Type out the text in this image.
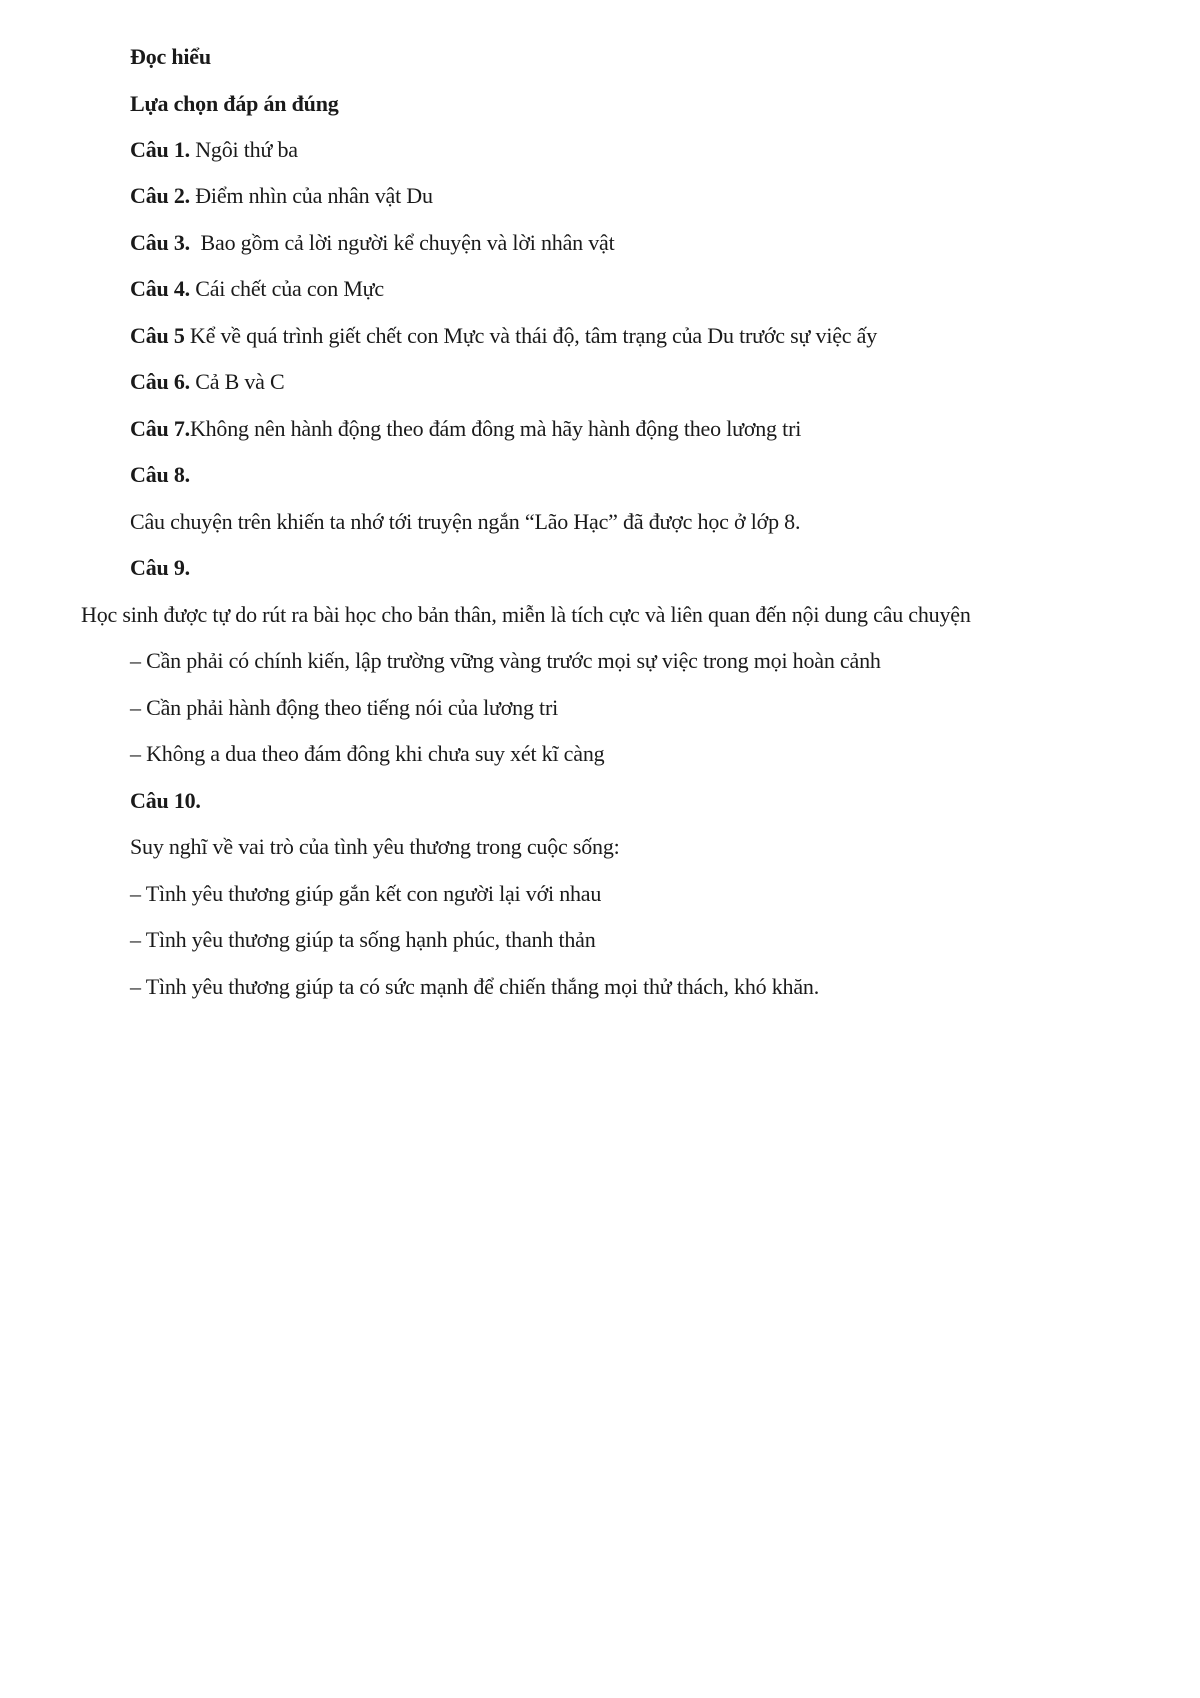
Đọc hiểu
Lựa chọn đáp án đúng
Câu 1. Ngôi thứ ba
Câu 2. Điểm nhìn của nhân vật Du
Câu 3.  Bao gồm cả lời người kể chuyện và lời nhân vật
Câu 4. Cái chết của con Mực
Câu 5 Kể về quá trình giết chết con Mực và thái độ, tâm trạng của Du trước sự việc ấy
Câu 6. Cả B và C
Câu 7.Không nên hành động theo đám đông mà hãy hành động theo lương tri
Câu 8.
Câu chuyện trên khiến ta nhớ tới truyện ngắn “Lão Hạc” đã được học ở lớp 8.
Câu 9.
Học sinh được tự do rút ra bài học cho bản thân, miễn là tích cực và liên quan đến nội dung câu chuyện
– Cần phải có chính kiến, lập trường vững vàng trước mọi sự việc trong mọi hoàn cảnh
– Cần phải hành động theo tiếng nói của lương tri
– Không a dua theo đám đông khi chưa suy xét kĩ càng
Câu 10.
Suy nghĩ về vai trò của tình yêu thương trong cuộc sống:
– Tình yêu thương giúp gắn kết con người lại với nhau
– Tình yêu thương giúp ta sống hạnh phúc, thanh thản
– Tình yêu thương giúp ta có sức mạnh để chiến thắng mọi thử thách, khó khăn.
